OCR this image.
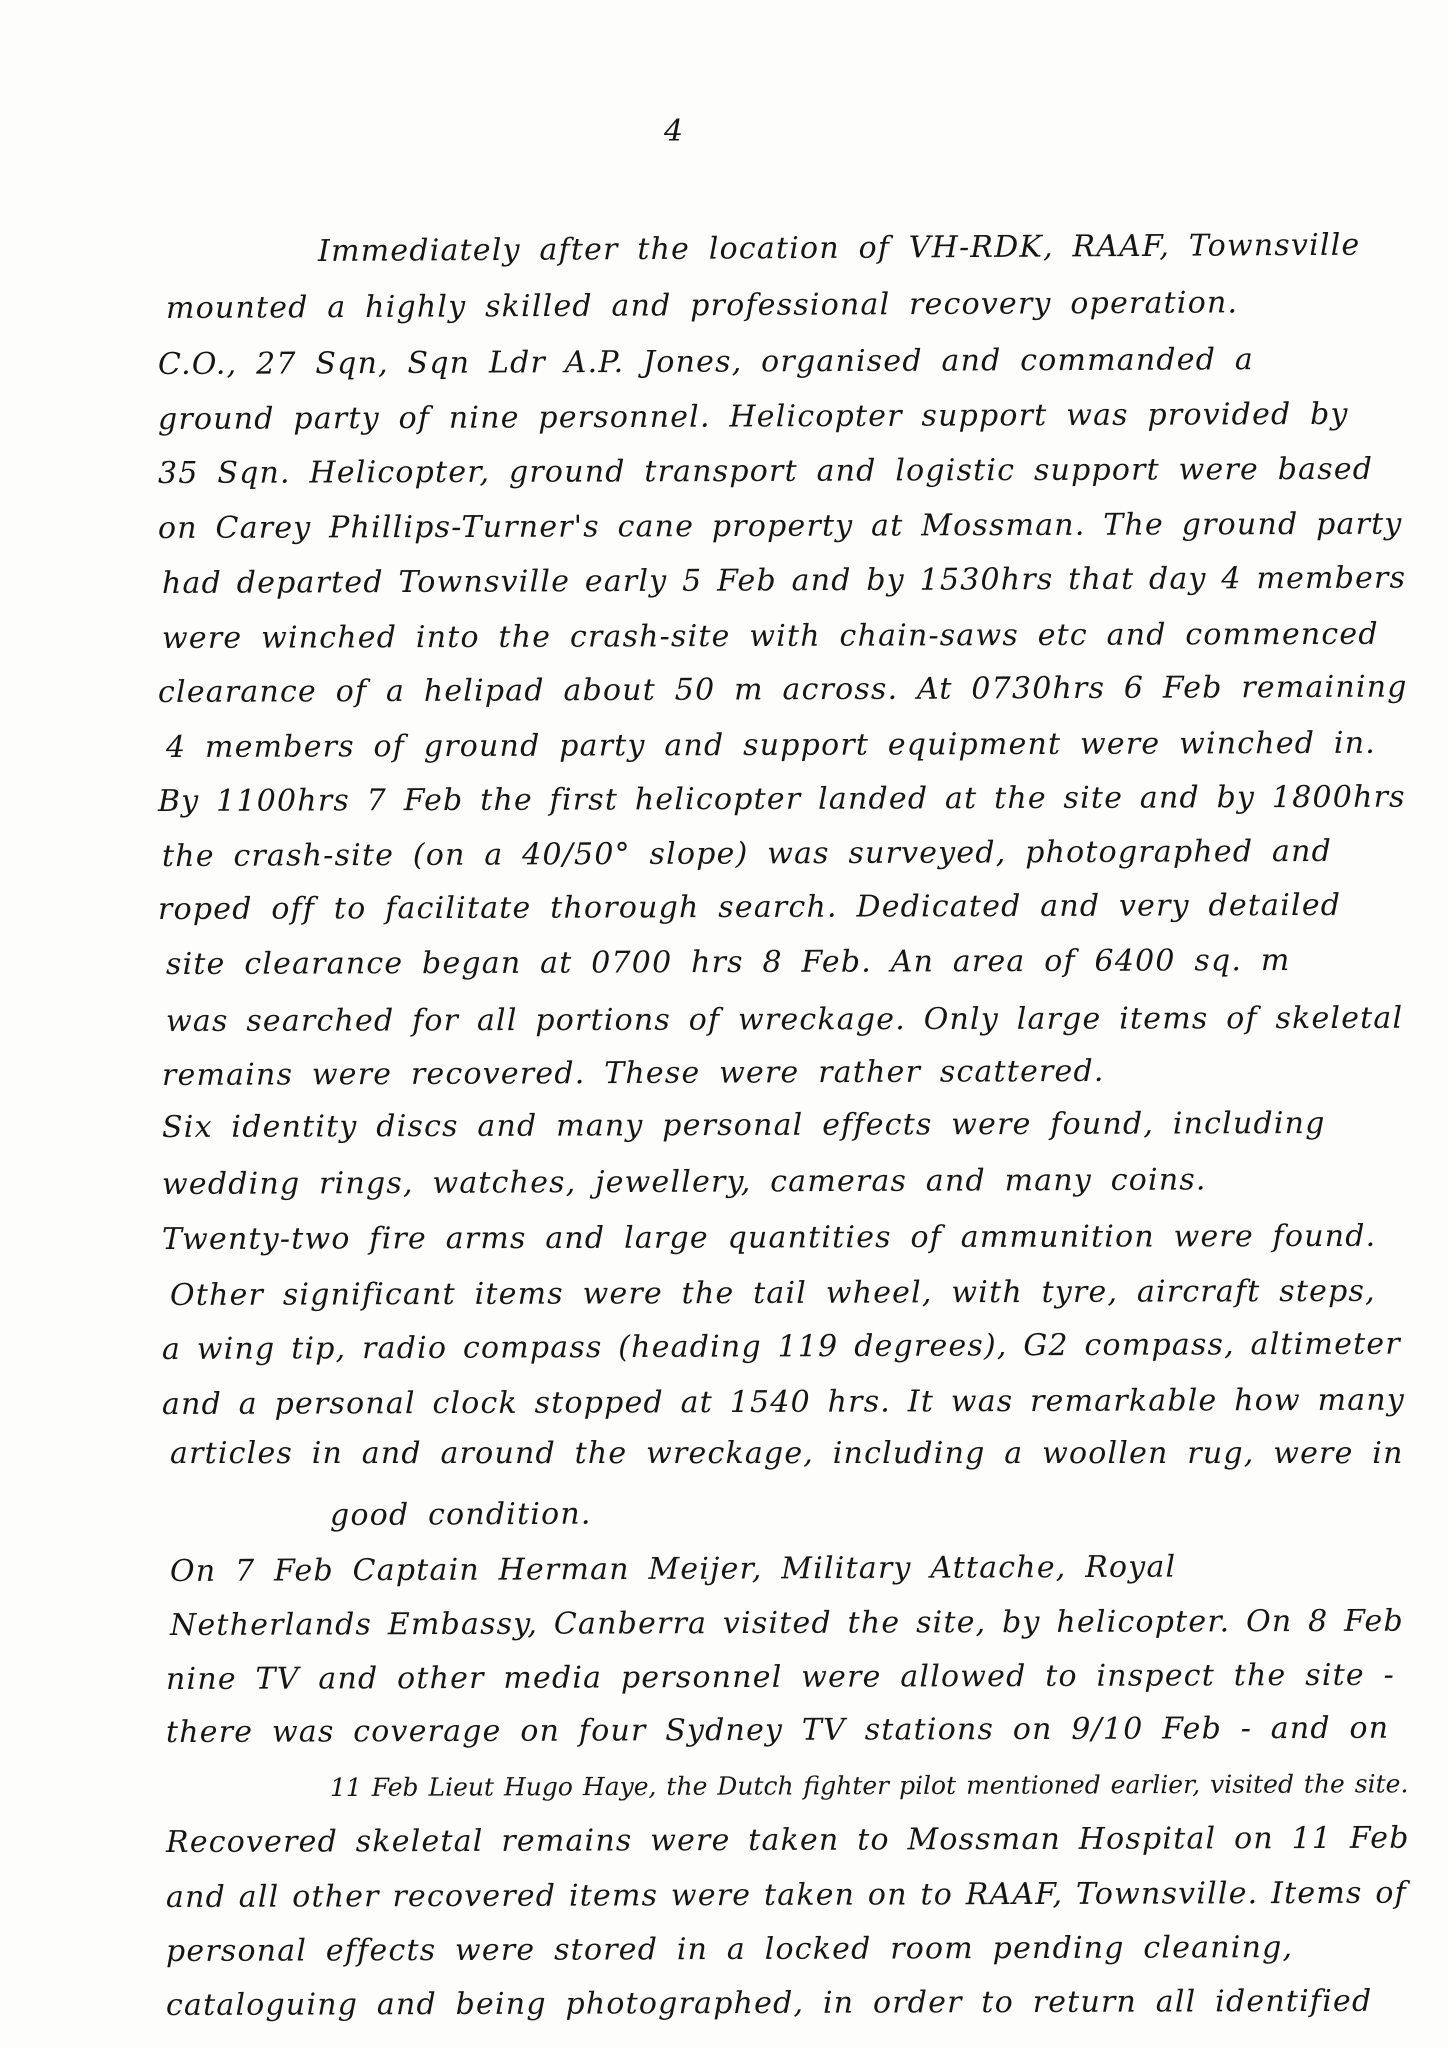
4
Immediately after the location of VH-RDK, RAAF, Townsville
mounted a highly skilled and professional recovery operation.
C.O., 27 Sqn, Sqn Ldr A.P. Jones, organised and commanded a
ground party of nine personnel. Helicopter support was provided by
35 Sqn. Helicopter, ground transport and logistic support were based
on Carey Phillips-Turner's cane property at Mossman. The ground party
had departed Townsville early 5 Feb and by 1530hrs that day 4 members
were winched into the crash-site with chain-saws etc and commenced
clearance of a helipad about 50 m across. At 0730hrs 6 Feb remaining
4 members of ground party and support equipment were winched in.
By 1100hrs 7 Feb the first helicopter landed at the site and by 1800hrs
the crash-site (on a 40/50° slope) was surveyed, photographed and
roped off to facilitate thorough search. Dedicated and very detailed
site clearance began at 0700 hrs 8 Feb. An area of 6400 sq. m
was searched for all portions of wreckage. Only large items of skeletal
remains were recovered. These were rather scattered.
Six identity discs and many personal effects were found, including
wedding rings, watches, jewellery, cameras and many coins.
Twenty-two fire arms and large quantities of ammunition were found.
Other significant items were the tail wheel, with tyre, aircraft steps,
a wing tip, radio compass (heading 119 degrees), G2 compass, altimeter
and a personal clock stopped at 1540 hrs. It was remarkable how many
articles in and around the wreckage, including a woollen rug, were in
good condition.
On 7 Feb Captain Herman Meijer, Military Attache, Royal
Netherlands Embassy, Canberra visited the site, by helicopter. On 8 Feb
nine TV and other media personnel were allowed to inspect the site -
there was coverage on four Sydney TV stations on 9/10 Feb - and on
11 Feb Lieut Hugo Haye, the Dutch fighter pilot mentioned earlier, visited the site.
Recovered skeletal remains were taken to Mossman Hospital on 11 Feb
and all other recovered items were taken on to RAAF, Townsville. Items of
personal effects were stored in a locked room pending cleaning,
cataloguing and being photographed, in order to return all identified
